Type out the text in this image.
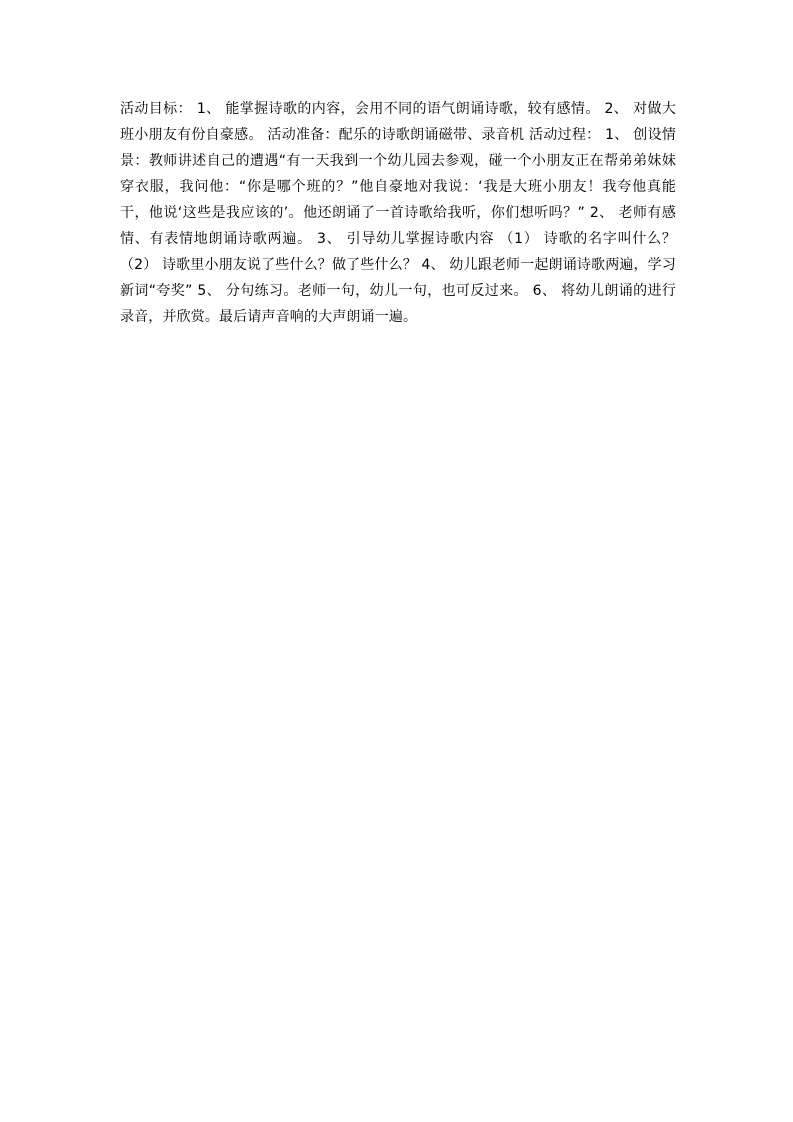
活动目标： 1、 能掌握诗歌的内容，会用不同的语气朗诵诗歌，较有感情。 2、 对做大班小朋友有份自豪感。 活动准备：配乐的诗歌朗诵磁带、录音机 活动过程： 1、 创设情景：教师讲述自己的遭遇“有一天我到一个幼儿园去参观，碰一个小朋友正在帮弟弟妹妹穿衣服，我问他：“你是哪个班的？”他自豪地对我说：‘我是大班小朋友！我夸他真能干，他说‘这些是我应该的’。他还朗诵了一首诗歌给我听，你们想听吗？” 2、 老师有感情、有表情地朗诵诗歌两遍。 3、 引导幼儿掌握诗歌内容 （1） 诗歌的名字叫什么？ （2） 诗歌里小朋友说了些什么？做了些什么？ 4、 幼儿跟老师一起朗诵诗歌两遍，学习新词“夸奖” 5、 分句练习。老师一句，幼儿一句，也可反过来。 6、 将幼儿朗诵的进行录音，并欣赏。最后请声音响的大声朗诵一遍。
